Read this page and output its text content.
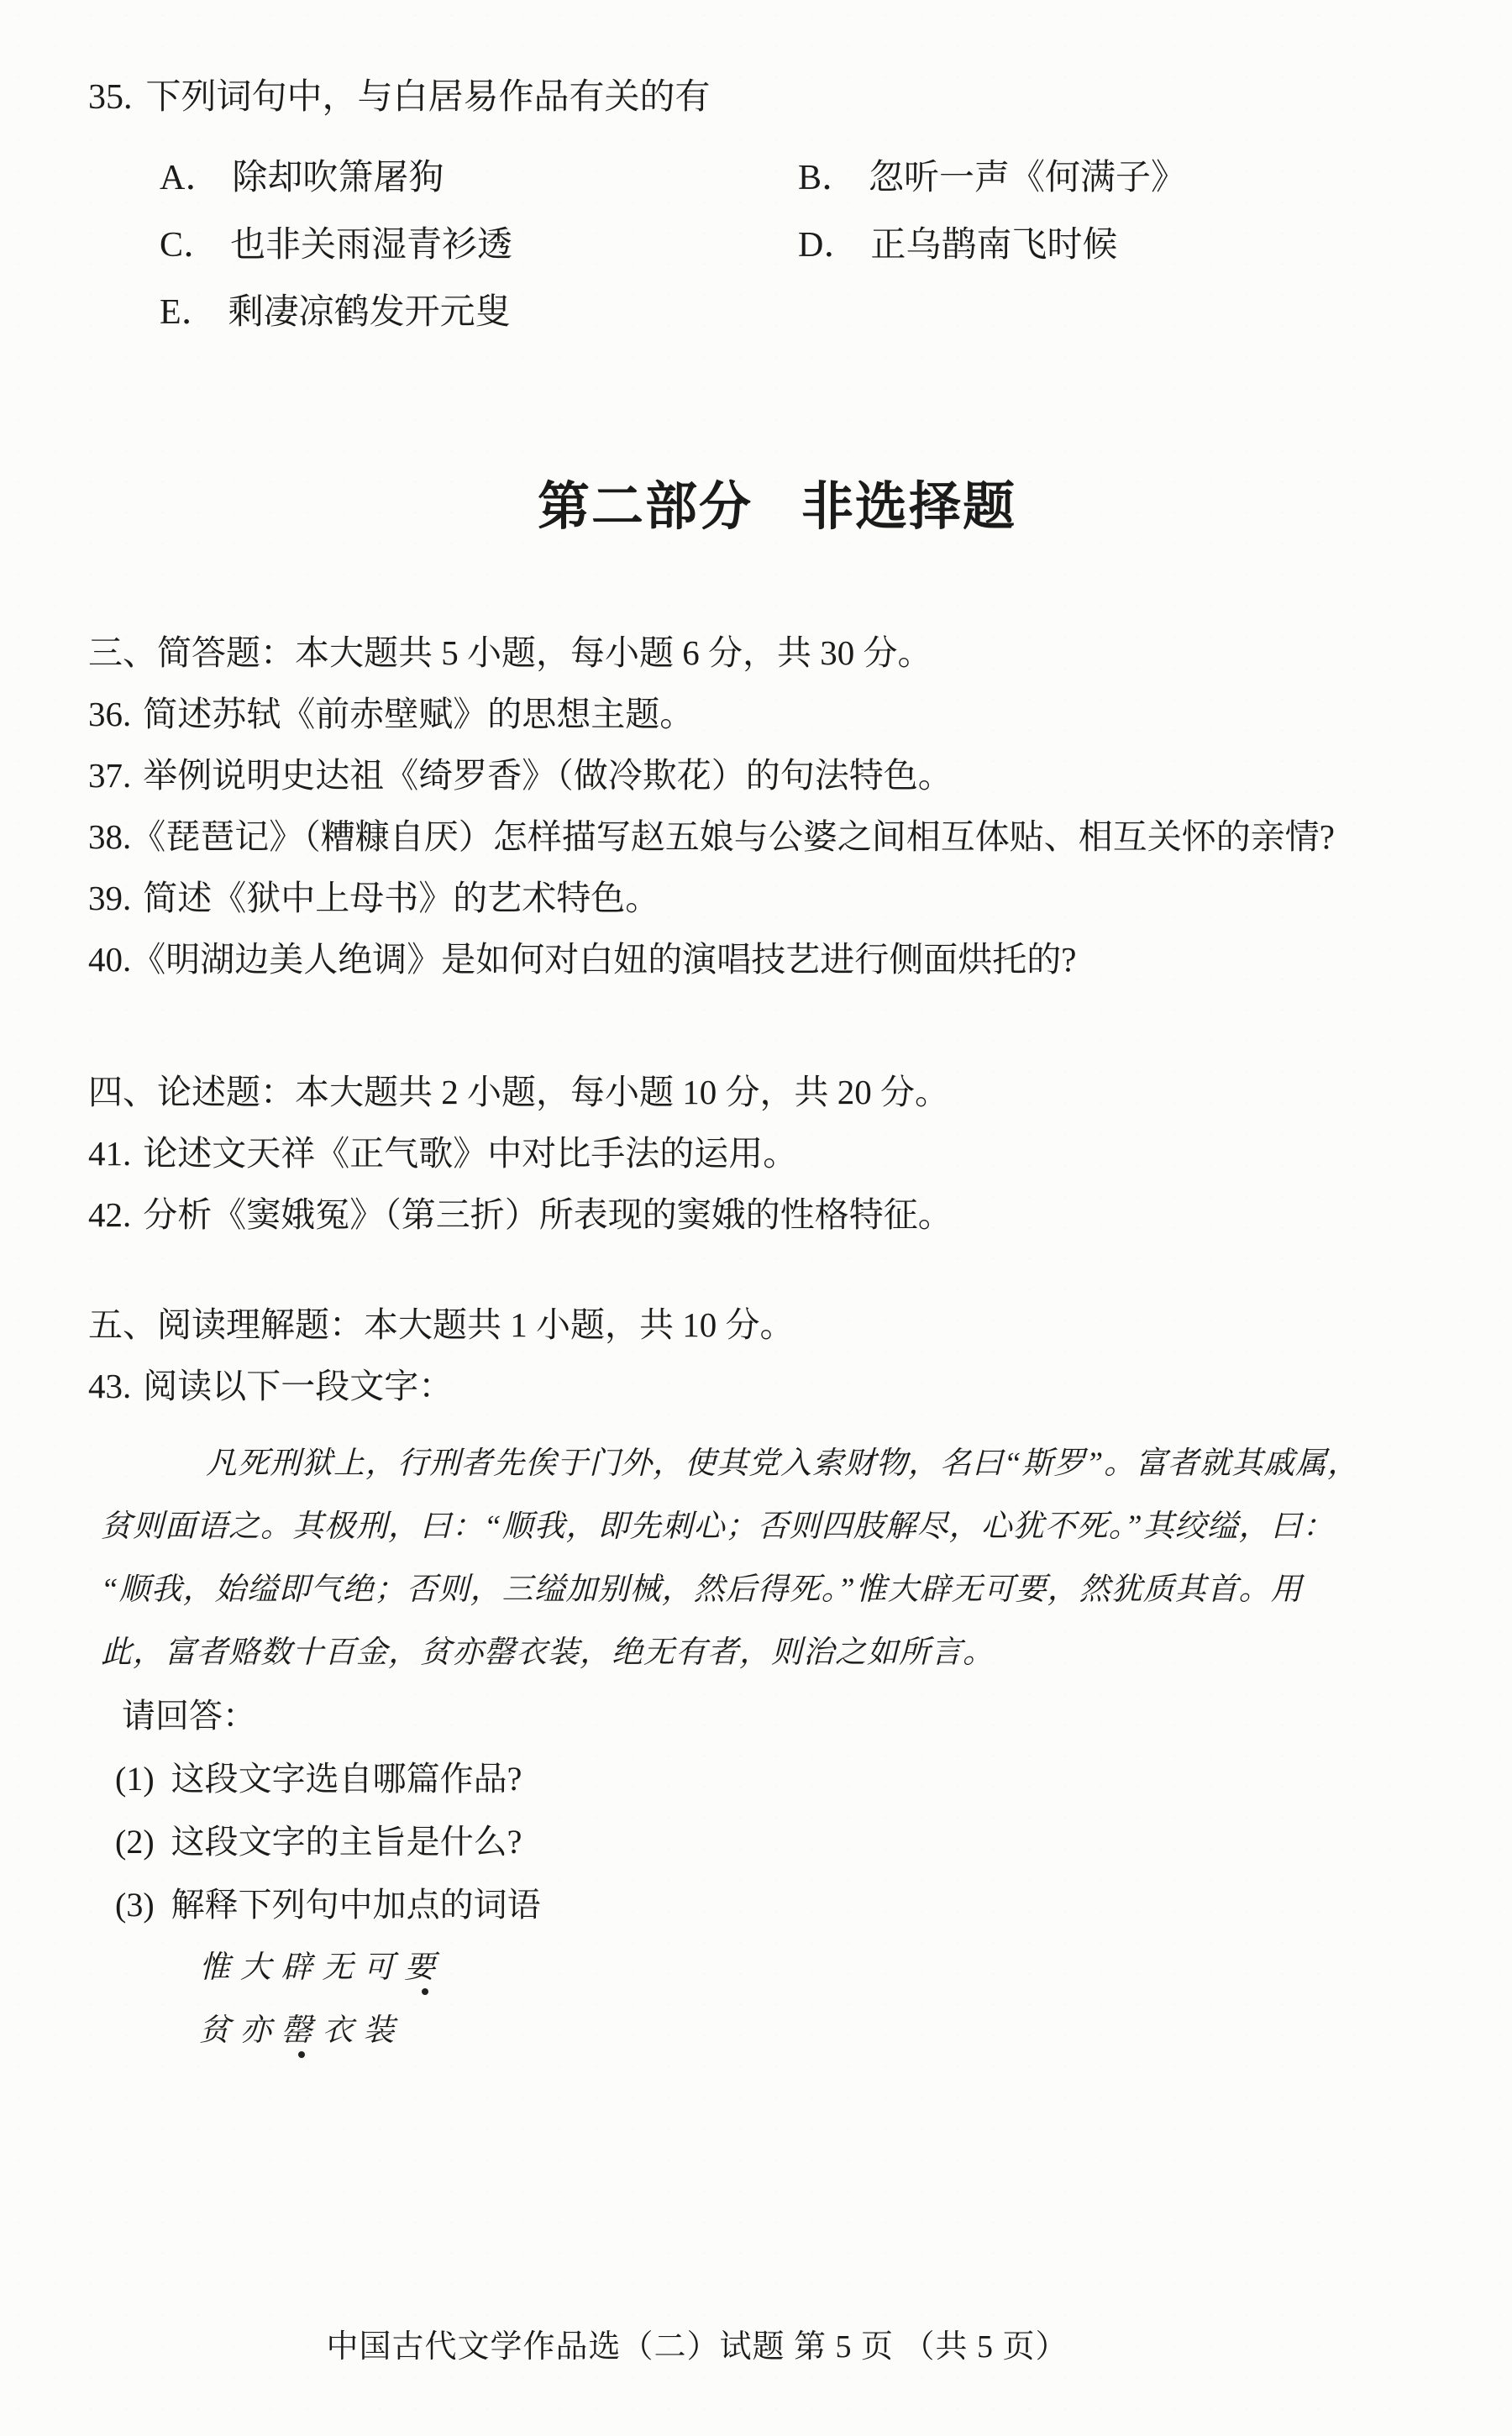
35. 下列词句中，与白居易作品有关的有
A． 除却吹箫屠狗	B． 忽听一声《何满子》
C． 也非关雨湿青衫透	D． 正乌鹊南飞时候
E． 剩凄凉鹤发开元叟
第二部分 非选择题
三、简答题：本大题共 5 小题，每小题 6 分，共 30 分。
36. 简述苏轼《前赤壁赋》的思想主题。
37. 举例说明史达祖《绮罗香》（做冷欺花）的句法特色。
38.《琵琶记》（糟糠自厌）怎样描写赵五娘与公婆之间相互体贴、相互关怀的亲情?
39. 简述《狱中上母书》的艺术特色。
40.《明湖边美人绝调》是如何对白妞的演唱技艺进行侧面烘托的?
四、论述题：本大题共 2 小题，每小题 10 分，共 20 分。
41. 论述文天祥《正气歌》中对比手法的运用。
42. 分析《窦娥冤》（第三折）所表现的窦娥的性格特征。
五、阅读理解题：本大题共 1 小题，共 10 分。
43. 阅读以下一段文字：
凡死刑狱上，行刑者先俟于门外，使其党入索财物，名曰“斯罗”。富者就其戚属，
贫则面语之。其极刑，曰：“顺我，即先刺心；否则四肢解尽，心犹不死。”其绞缢，曰：
“顺我，始缢即气绝；否则，三缢加别械，然后得死。”惟大辟无可要，然犹质其首。用
此，富者赂数十百金，贫亦罄衣装，绝无有者，则治之如所言。
请回答：
(1) 这段文字选自哪篇作品?
(2) 这段文字的主旨是什么?
(3) 解释下列句中加点的词语
惟大辟无可要
贫亦罄衣装
中国古代文学作品选（二）试题 第 5 页 （共 5 页）
